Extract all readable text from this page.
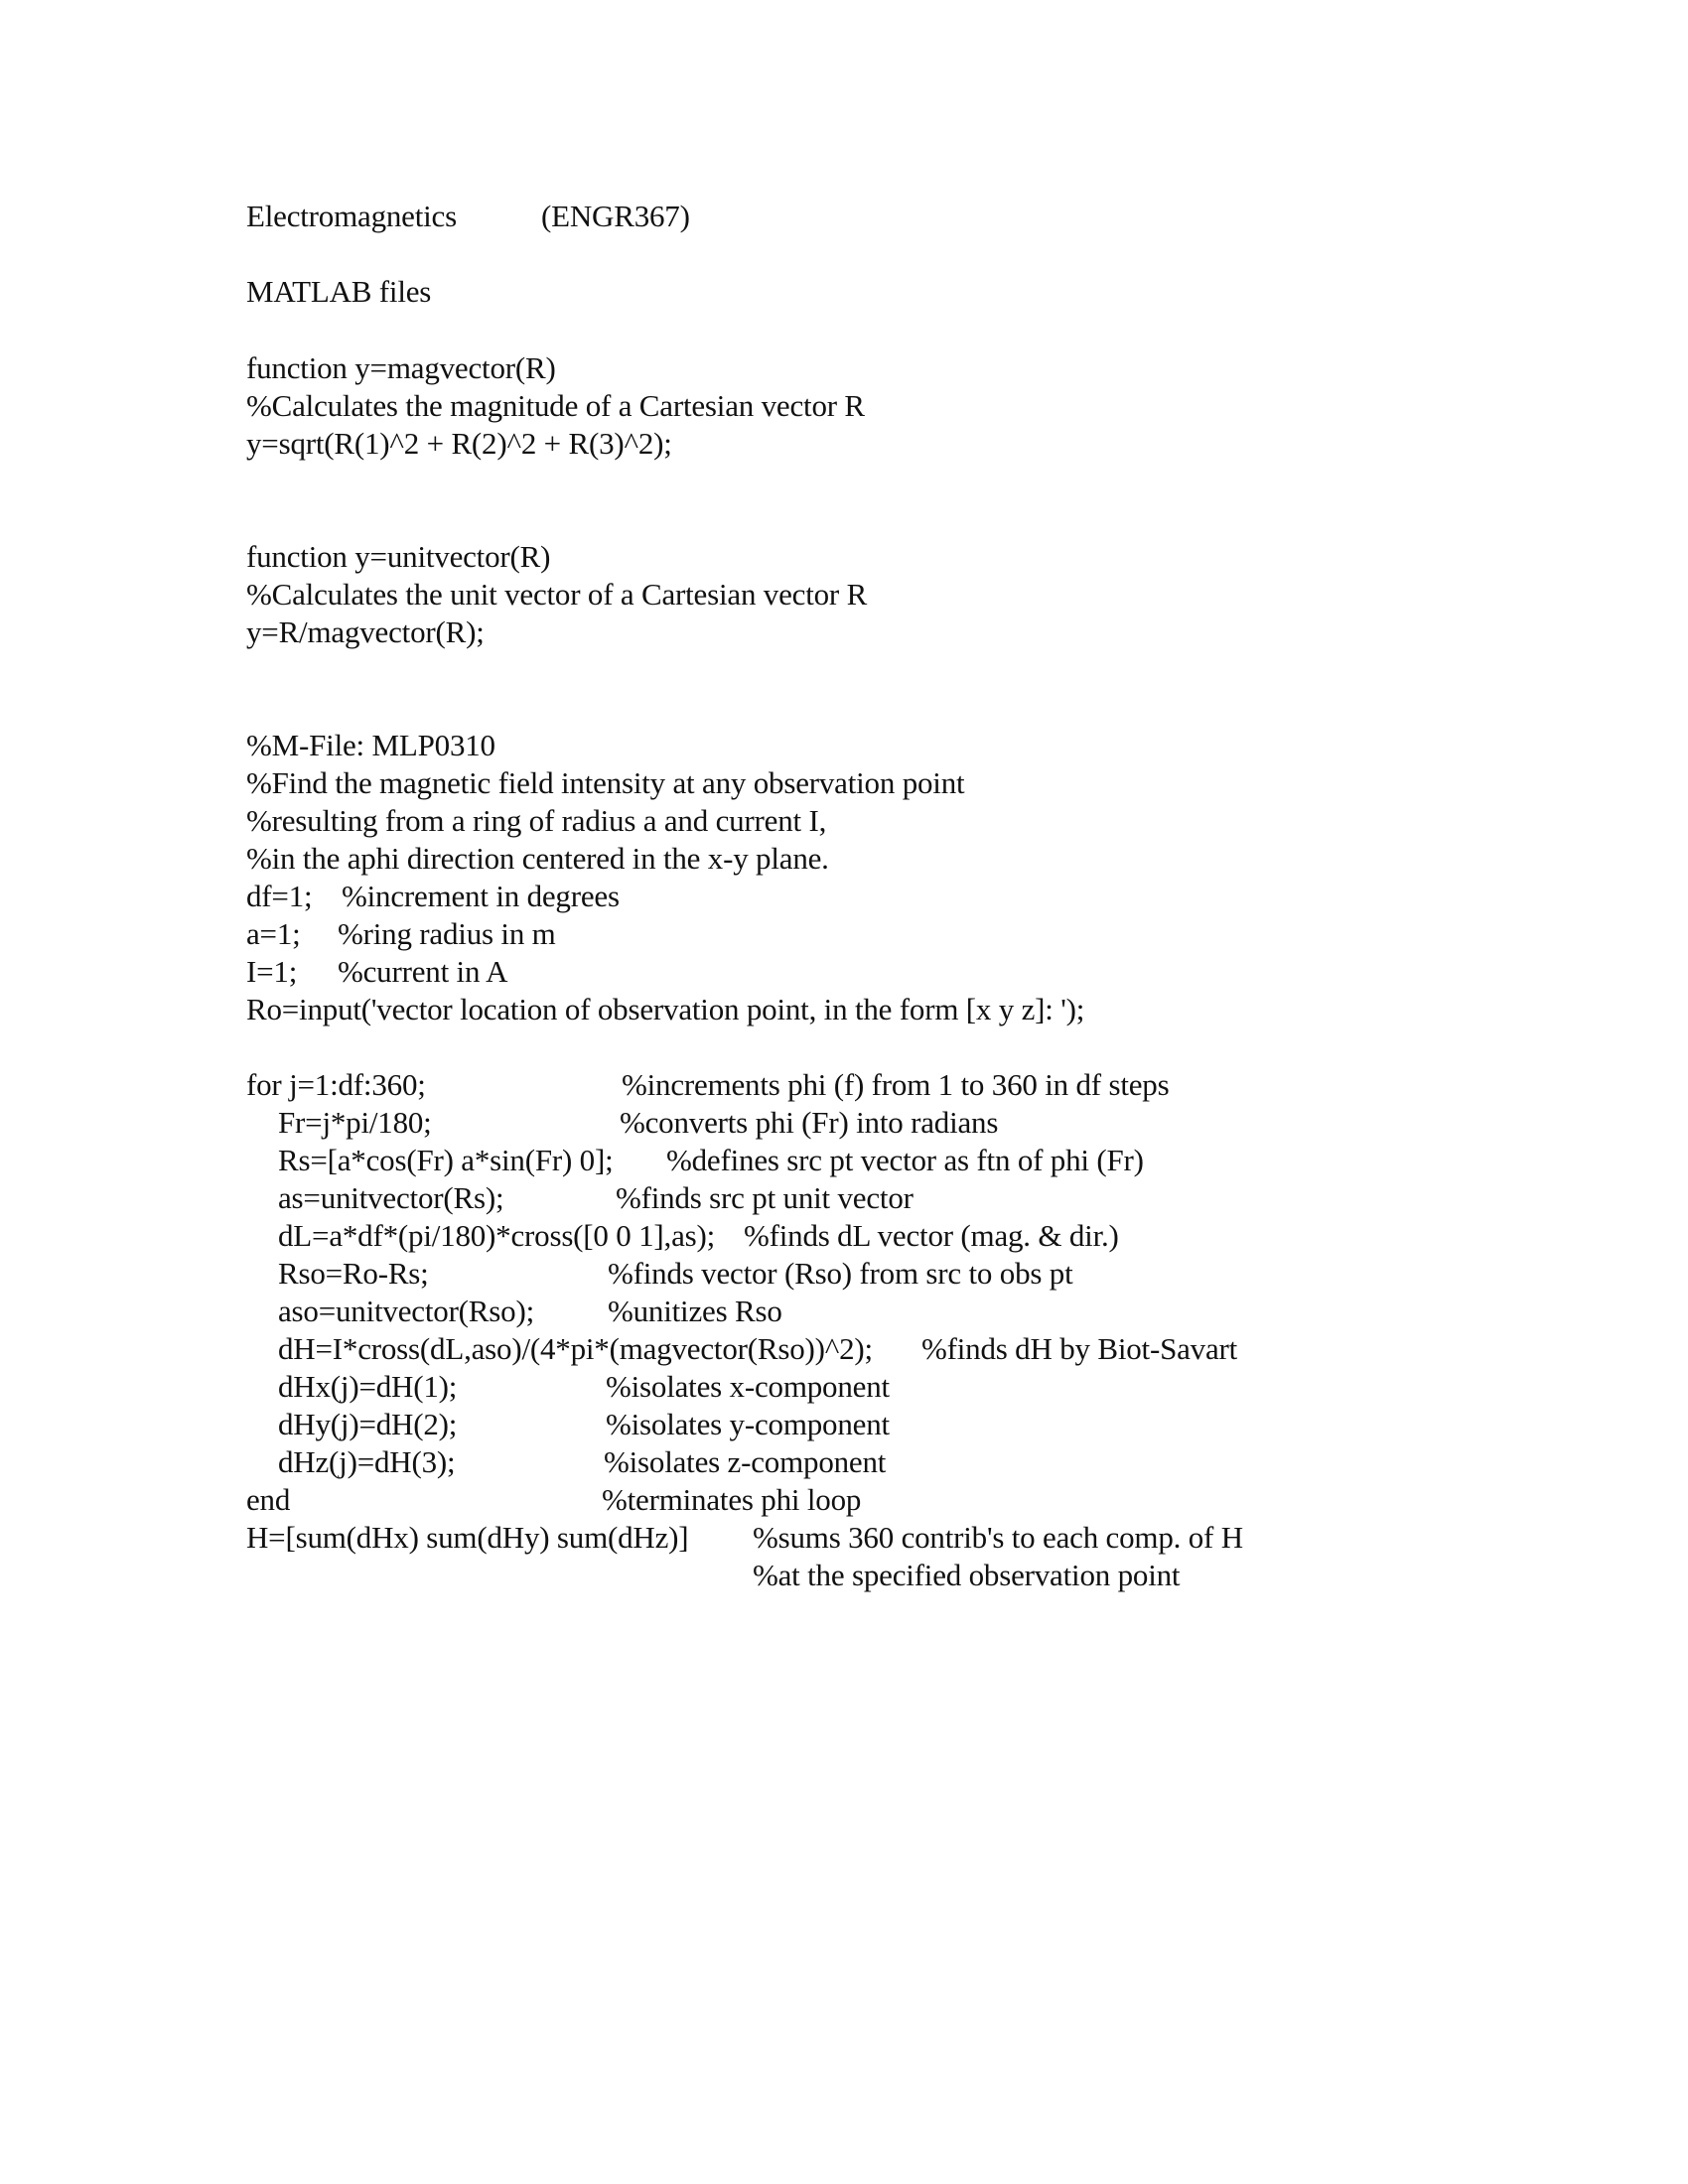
Electromagnetics

	(ENGR367)

MATLAB files
function y=magvector(R)
%Calculates the magnitude of a Cartesian vector R
y=sqrt(R(1)^2 + R(2)^2 + R(3)^2);
function y=unitvector(R)
%Calculates the unit vector of a Cartesian vector R
y=R/magvector(R);
%M-File: MLP0310
%Find the magnetic field intensity at any observation point
%resulting from a ring of radius a and current I,
%in the aphi direction centered in the x-y plane.

df=1;

%increment in degrees

a=1;

%ring radius in m

I=1;

%current in A

Ro=input('vector location of observation point, in the form [x y z]: ');

for j=1:df:360;

	%increments phi (f) from 1 to 360 in df steps

Fr=j*pi/180;

	%converts phi (Fr) into radians

Rs=[a*cos(Fr) a*sin(Fr) 0];

%defines src pt vector as ftn of phi (Fr)

as=unitvector(Rs);

	%finds src pt unit vector

dL=a*df*(pi/180)*cross([0 0 1],as);

%finds dL vector (mag. & dir.)

Rso=Ro-Rs;

	%finds vector (Rso) from src to obs pt

aso=unitvector(Rso);

%unitizes Rso

dH=I*cross(dL,aso)/(4*pi*(magvector(Rso))^2);

%finds dH by Biot-Savart

dHx(j)=dH(1);

	%isolates x-component

dHy(j)=dH(2);

	%isolates y-component

dHz(j)=dH(3);

	%isolates z-component

end

	%terminates phi loop

H=[sum(dHx) sum(dHy) sum(dHz)]

%sums 360 contrib's to each comp. of H

%at the specified observation point
